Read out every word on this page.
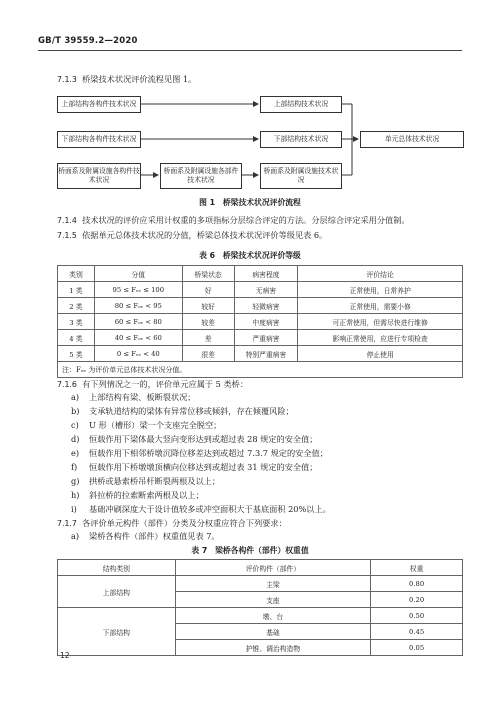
GB/T 39559.2—2020
7.1.3 桥梁技术状况评价流程见图 1。
上部结构各构件技术状况	上部结构技术状况
下部结构各构件技术状况	下部结构技术状况
桥面系及附属设施各构件技术状况
桥面系及附属设施各部件技术状况
桥面系及附属设施技术状况
单元总体技术状况
图 1　桥梁技术状况评价流程
7.1.4 技术状况的评价应采用计权重的多项指标分层综合评定的方法。分层综合评定采用分值制。
7.1.5 依据单元总体技术状况的分值，桥梁总体技术状况评价等级见表 6。
表 6　桥梁技术状况评价等级
类别	分值	桥梁状态	病害程度	评价结论
1 类	95 ≤ Fₒᵥ ≤ 100	好	无病害	正常使用，日常养护
2 类	80 ≤ Fₒᵥ < 95	较好	轻微病害	正常使用，需要小修
3 类	60 ≤ Fₒᵥ < 80	较差	中度病害	可正常使用，但需尽快进行维修
4 类	40 ≤ Fₒᵥ < 60	差	严重病害	影响正常使用，应进行专项检查
5 类	0 ≤ Fₒᵥ < 40	很差	特别严重病害	停止使用
注：Fₒᵥ 为评价单元总体技术状况分值。				
7.1.6 有下列情况之一的，评价单元应属于 5 类桥：
a) 上部结构有梁、板断裂状况；
b) 支承轨道结构的梁体有异常位移或倾斜，存在倾覆风险；
c) U 形（槽形）梁一个支座完全脱空；
d) 恒载作用下梁体最大竖向变形达到或超过表 28 规定的安全值；
e) 恒载作用下相邻桥墩沉降位移差达到或超过 7.3.7 规定的安全值；
f) 恒载作用下桥墩墩顶横向位移达到或超过表 31 规定的安全值；
g) 拱桥或悬索桥吊杆断裂两根及以上；
h) 斜拉桥的拉索断索两根及以上；
i) 基础冲刷深度大于设计值较多或冲空面积大于基底面积 20%以上。
7.1.7 各评价单元构件（部件）分类及分权重应符合下列要求：
a) 梁桥各构件（部件）权重值见表 7。
表 7　梁桥各构件（部件）权重值
结构类别	评价构件（部件）	权重
上部结构	主梁	0.80
	支座	0.20
下部结构	墩、台	0.50
	基础	0.45
	护锥、调治构造物	0.05
12
